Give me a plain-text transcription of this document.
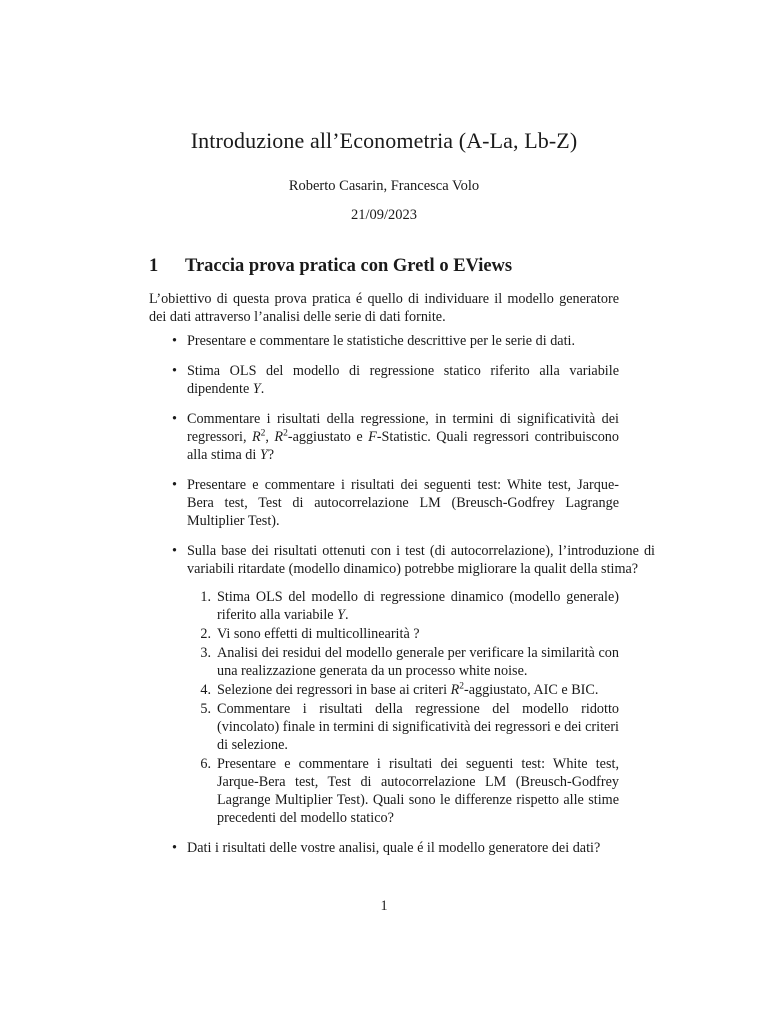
Introduzione all’Econometria (A-La, Lb-Z)
Roberto Casarin, Francesca Volo
21/09/2023
1 Traccia prova pratica con Gretl o EViews
L’obiettivo di questa prova pratica é quello di individuare il modello generatore dei dati attraverso l’analisi delle serie di dati fornite.
• Presentare e commentare le statistiche descrittive per le serie di dati.
• Stima OLS del modello di regressione statico riferito alla variabile dipendente Y.
• Commentare i risultati della regressione, in termini di significatività dei regressori, $R^2$, $R^2$-aggiustato e F-Statistic. Quali regressori contribuiscono alla stima di Y?
• Presentare e commentare i risultati dei seguenti test: White test, Jarque-Bera test, Test di autocorrelazione LM (Breusch-Godfrey Lagrange Multiplier Test).
• Sulla base dei risultati ottenuti con i test (di autocorrelazione), l’introduzione di variabili ritardate (modello dinamico) potrebbe migliorare la qualit della stima?
1. Stima OLS del modello di regressione dinamico (modello generale) riferito alla variabile Y.
2. Vi sono effetti di multicollinearità ?
3. Analisi dei residui del modello generale per verificare la similarità con una realizzazione generata da un processo white noise.
4. Selezione dei regressori in base ai criteri $R^2$-aggiustato, AIC e BIC.
5. Commentare i risultati della regressione del modello ridotto (vincolato) finale in termini di significatività dei regressori e dei criteri di selezione.
6. Presentare e commentare i risultati dei seguenti test: White test, Jarque-Bera test, Test di autocorrelazione LM (Breusch-Godfrey Lagrange Multiplier Test). Quali sono le differenze rispetto alle stime precedenti del modello statico?
• Dati i risultati delle vostre analisi, quale é il modello generatore dei dati?
1
